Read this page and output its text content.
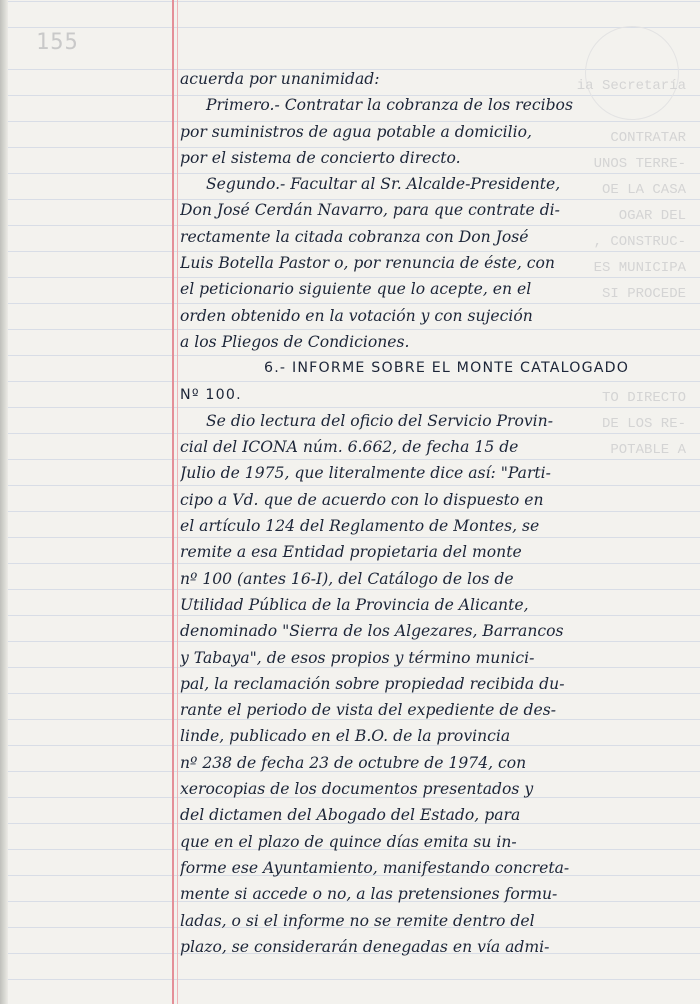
155
ia Secretaría
CONTRATAR
UNOS TERRE-
OE LA CASA
OGAR DEL
, CONSTRUC-
ES MUNICIPA
SI PROCEDE
TO DIRECTO
DE LOS RE-
POTABLE A
acuerda por unanimidad:
Primero.- Contratar la cobranza de los recibos
por suministros de agua potable a domicilio,
por el sistema de concierto directo.
Segundo.- Facultar al Sr. Alcalde-Presidente,
Don José Cerdán Navarro, para que contrate di-
rectamente la citada cobranza con Don José
Luis Botella Pastor o, por renuncia de éste, con
el peticionario siguiente que lo acepte, en el
orden obtenido en la votación y con sujeción
a los Pliegos de Condiciones.
6.- INFORME SOBRE EL MONTE CATALOGADO
Nº 100.
Se dio lectura del oficio del Servicio Provin-
cial del ICONA núm. 6.662, de fecha 15 de
Julio de 1975, que literalmente dice así: "Parti-
cipo a Vd. que de acuerdo con lo dispuesto en
el artículo 124 del Reglamento de Montes, se
remite a esa Entidad propietaria del monte
nº 100 (antes 16-I), del Catálogo de los de
Utilidad Pública de la Provincia de Alicante,
denominado "Sierra de los Algezares, Barrancos
y Tabaya", de esos propios y término munici-
pal, la reclamación sobre propiedad recibida du-
rante el periodo de vista del expediente de des-
linde, publicado en el B.O. de la provincia
nº 238 de fecha 23 de octubre de 1974, con
xerocopias de los documentos presentados y
del dictamen del Abogado del Estado, para
que en el plazo de quince días emita su in-
forme ese Ayuntamiento, manifestando concreta-
mente si accede o no, a las pretensiones formu-
ladas, o si el informe no se remite dentro del
plazo, se considerarán denegadas en vía admi-
